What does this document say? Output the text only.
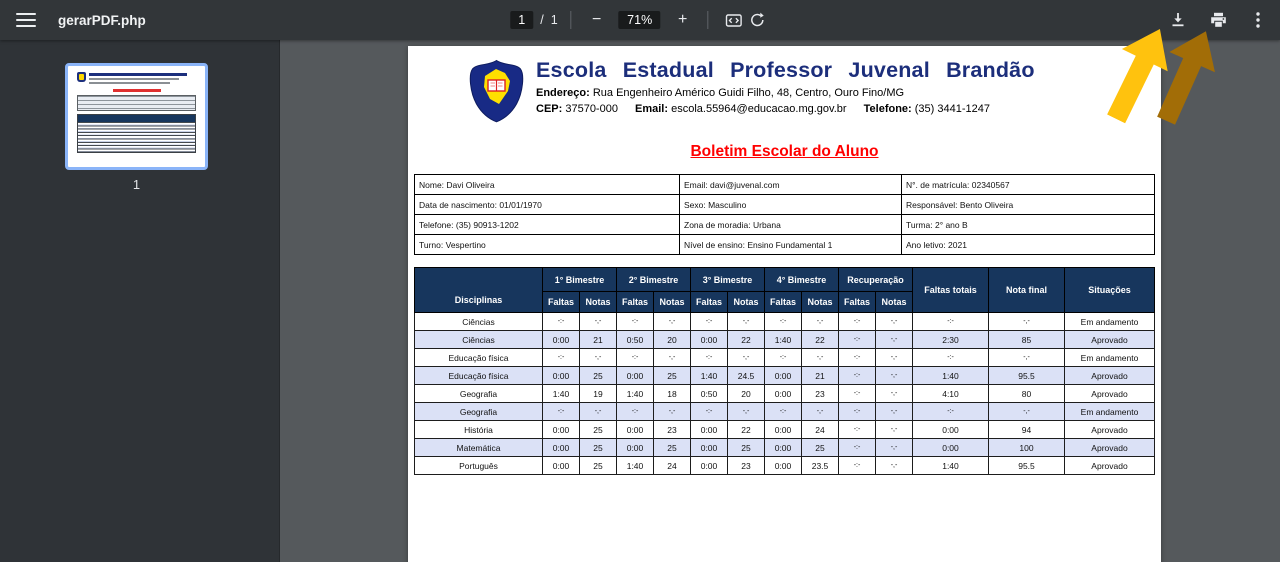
gerarPDF.php	1	/ 1	−	71%	+
1
Escola Estadual Professor Juvenal Brandão
Endereço: Rua Engenheiro Américo Guidi Filho, 48, Centro, Ouro Fino/MG
CEP: 37570-000 Email: escola.55964@educacao.mg.gov.br Telefone: (35) 3441-1247
Boletim Escolar do Aluno
Nome: Davi Oliveira	Email: davi@juvenal.com	N°. de matrícula: 02340567
Data de nascimento: 01/01/1970	Sexo: Masculino	Responsável: Bento Oliveira
Telefone: (35) 90913-1202	Zona de moradia: Urbana	Turma: 2° ano B
Turno: Vespertino	Nível de ensino: Ensino Fundamental 1	Ano letivo: 2021
Disciplinas	1° Bimestre		2° Bimestre		3° Bimestre		4° Bimestre		Recuperação		Faltas totais	Nota final	Situações
	Faltas	Notas	Faltas	Notas	Faltas	Notas	Faltas	Notas	Faltas	Notas			
Ciências	-:-	-,-	-:-	-,-	-:-	-,-	-:-	-,-	-:-	-,-	-:-	-,-	Em andamento
Ciências	0:00	21	0:50	20	0:00	22	1:40	22	-:-	-,-	2:30	85	Aprovado
Educação física	-:-	-,-	-:-	-,-	-:-	-,-	-:-	-,-	-:-	-,-	-:-	-,-	Em andamento
Educação física	0:00	25	0:00	25	1:40	24.5	0:00	21	-:-	-,-	1:40	95.5	Aprovado
Geografia	1:40	19	1:40	18	0:50	20	0:00	23	-:-	-,-	4:10	80	Aprovado
Geografia	-:-	-,-	-:-	-,-	-:-	-,-	-:-	-,-	-:-	-,-	-:-	-,-	Em andamento
História	0:00	25	0:00	23	0:00	22	0:00	24	-:-	-,-	0:00	94	Aprovado
Matemática	0:00	25	0:00	25	0:00	25	0:00	25	-:-	-,-	0:00	100	Aprovado
Português	0:00	25	1:40	24	0:00	23	0:00	23.5	-:-	-,-	1:40	95.5	Aprovado
